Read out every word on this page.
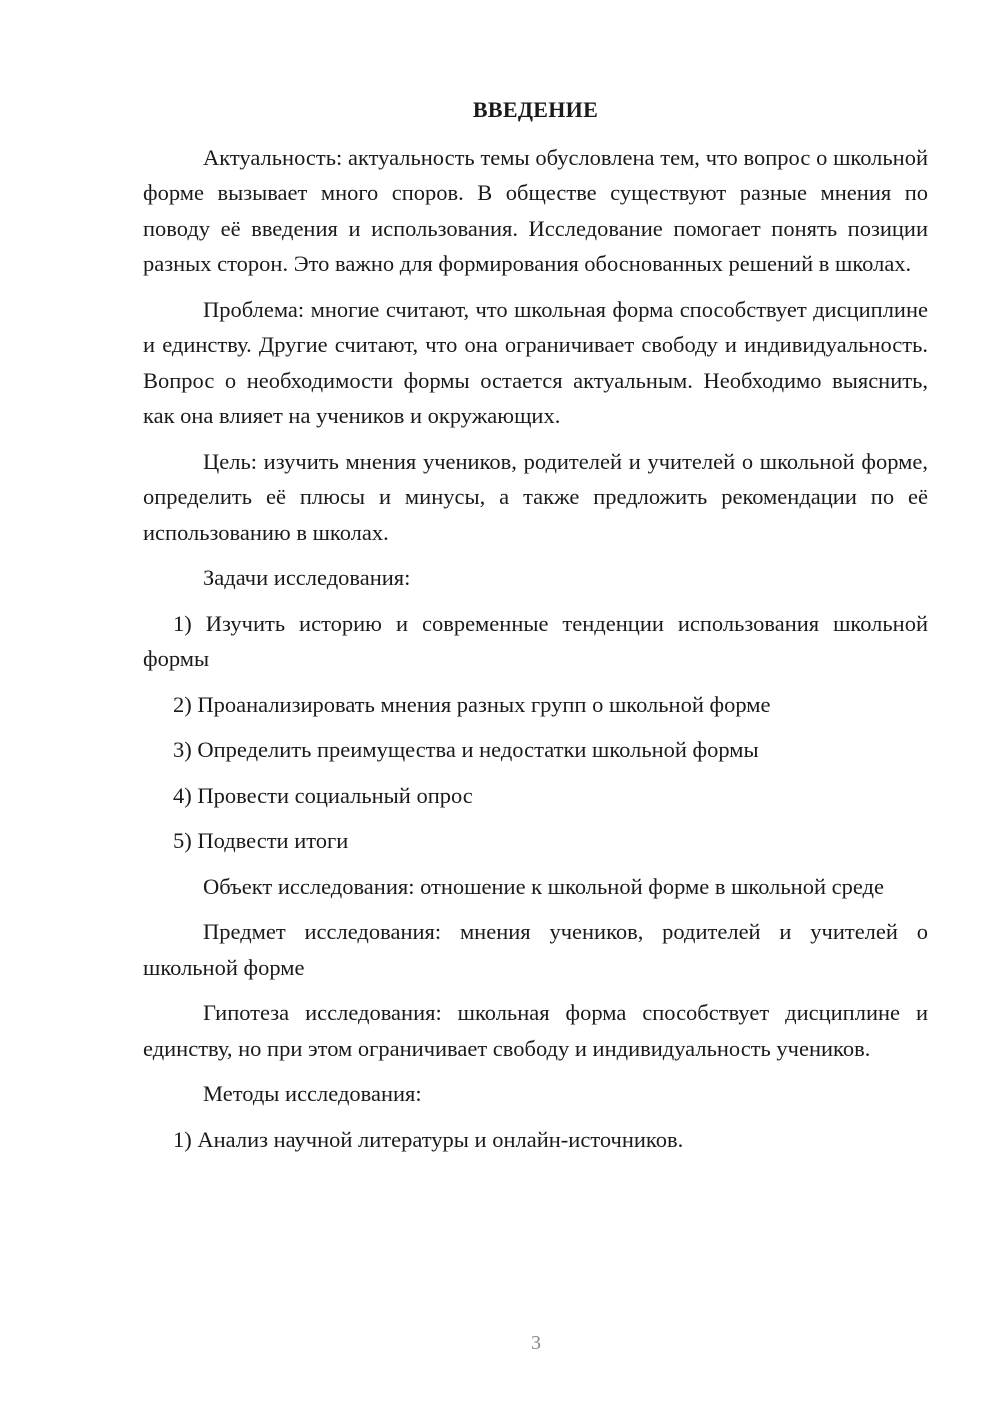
ВВЕДЕНИЕ

Актуальность: актуальность темы обусловлена тем, что вопрос о школьной форме вызывает много споров. В обществе существуют разные мнения по поводу её введения и использования. Исследование помогает понять позиции разных сторон. Это важно для формирования обоснованных решений в школах.

Проблема: многие считают, что школьная форма способствует дисциплине и единству. Другие считают, что она ограничивает свободу и индивидуальность. Вопрос о необходимости формы остается актуальным. Необходимо выяснить, как она влияет на учеников и окружающих.

Цель: изучить мнения учеников, родителей и учителей о школьной форме, определить её плюсы и минусы, а также предложить рекомендации по её использованию в школах.

Задачи исследования:

1) Изучить историю и современные тенденции использования школьной формы

2) Проанализировать мнения разных групп о школьной форме

3) Определить преимущества и недостатки школьной формы

4) Провести социальный опрос

5) Подвести итоги

Объект исследования: отношение к школьной форме в школьной среде

Предмет исследования: мнения учеников, родителей и учителей о школьной форме

Гипотеза исследования: школьная форма способствует дисциплине и единству, но при этом ограничивает свободу и индивидуальность учеников.

Методы исследования:

1) Анализ научной литературы и онлайн-источников.

3
